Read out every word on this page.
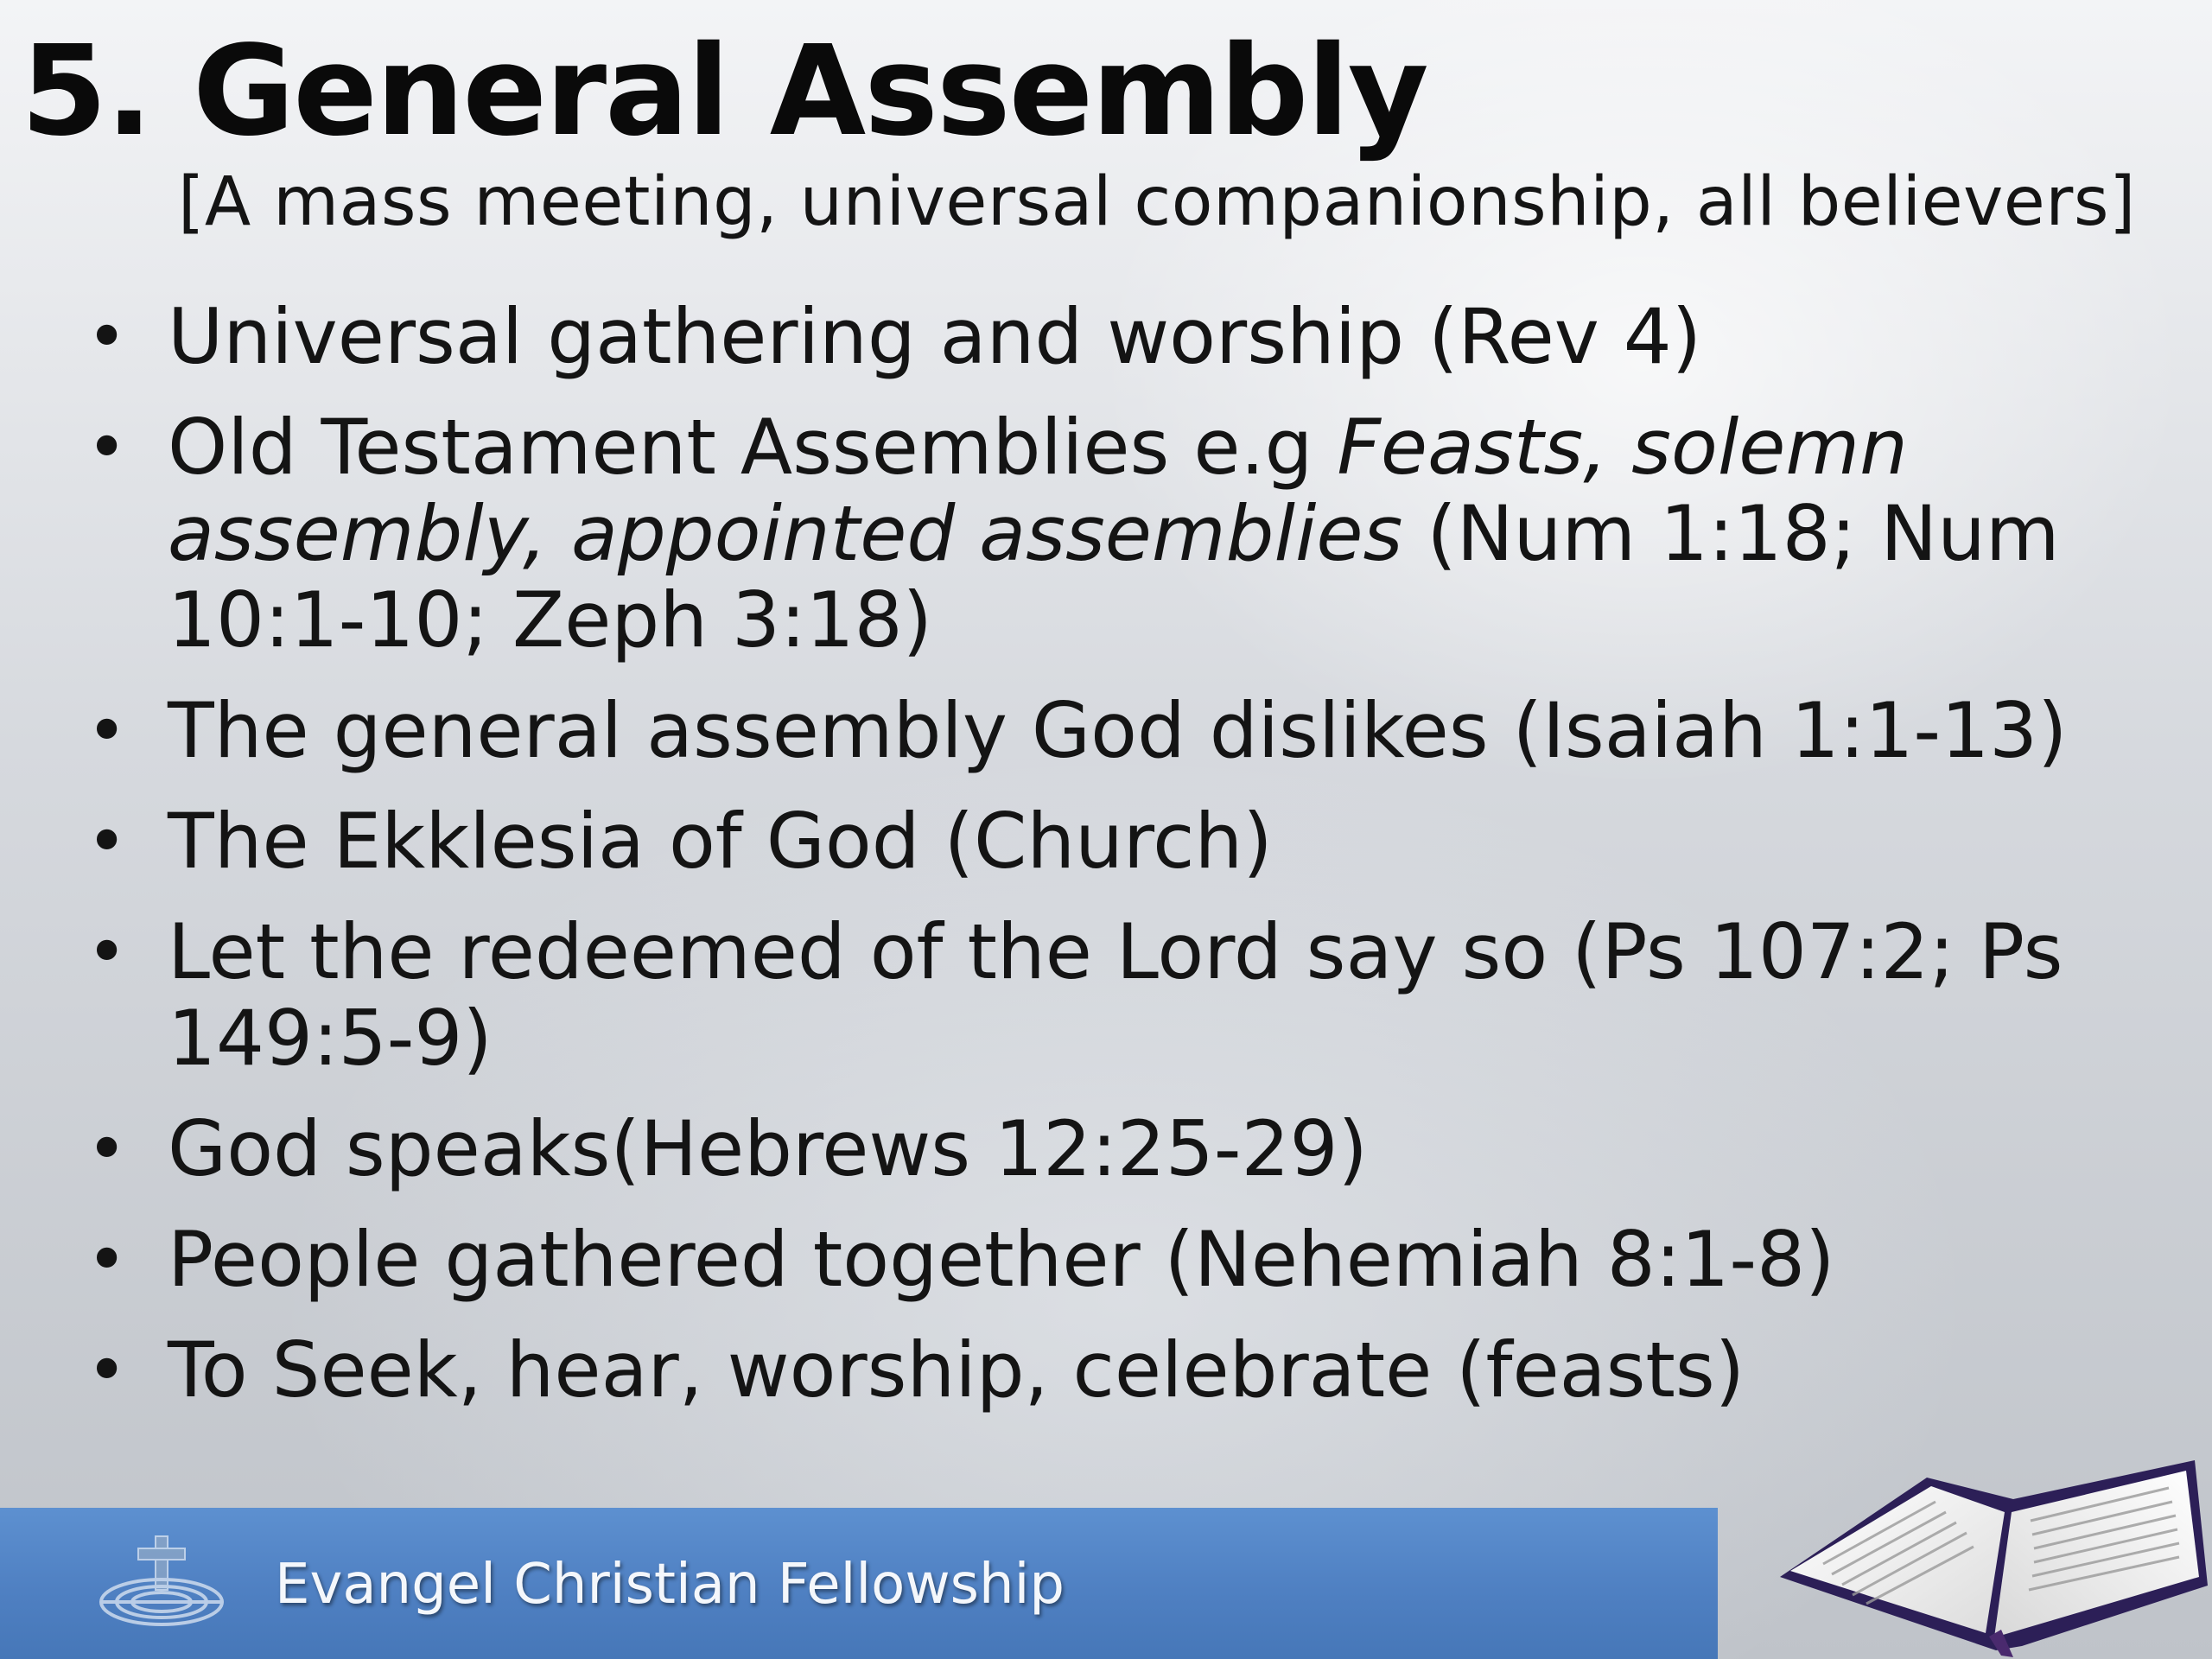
5. General Assembly

[A mass meeting, universal companionship, all believers]

• Universal gathering and worship (Rev 4)
• Old Testament Assemblies e.g Feasts, solemn assembly, appointed assemblies (Num 1:18; Num 10:1-10; Zeph 3:18)
• The general assembly God dislikes (Isaiah 1:1-13)
• The Ekklesia of God (Church)
• Let the redeemed of the Lord say so (Ps 107:2; Ps 149:5-9)
• God speaks(Hebrews 12:25-29)
• People gathered together (Nehemiah 8:1-8)
• To Seek, hear, worship, celebrate (feasts)
Evangel Christian Fellowship
